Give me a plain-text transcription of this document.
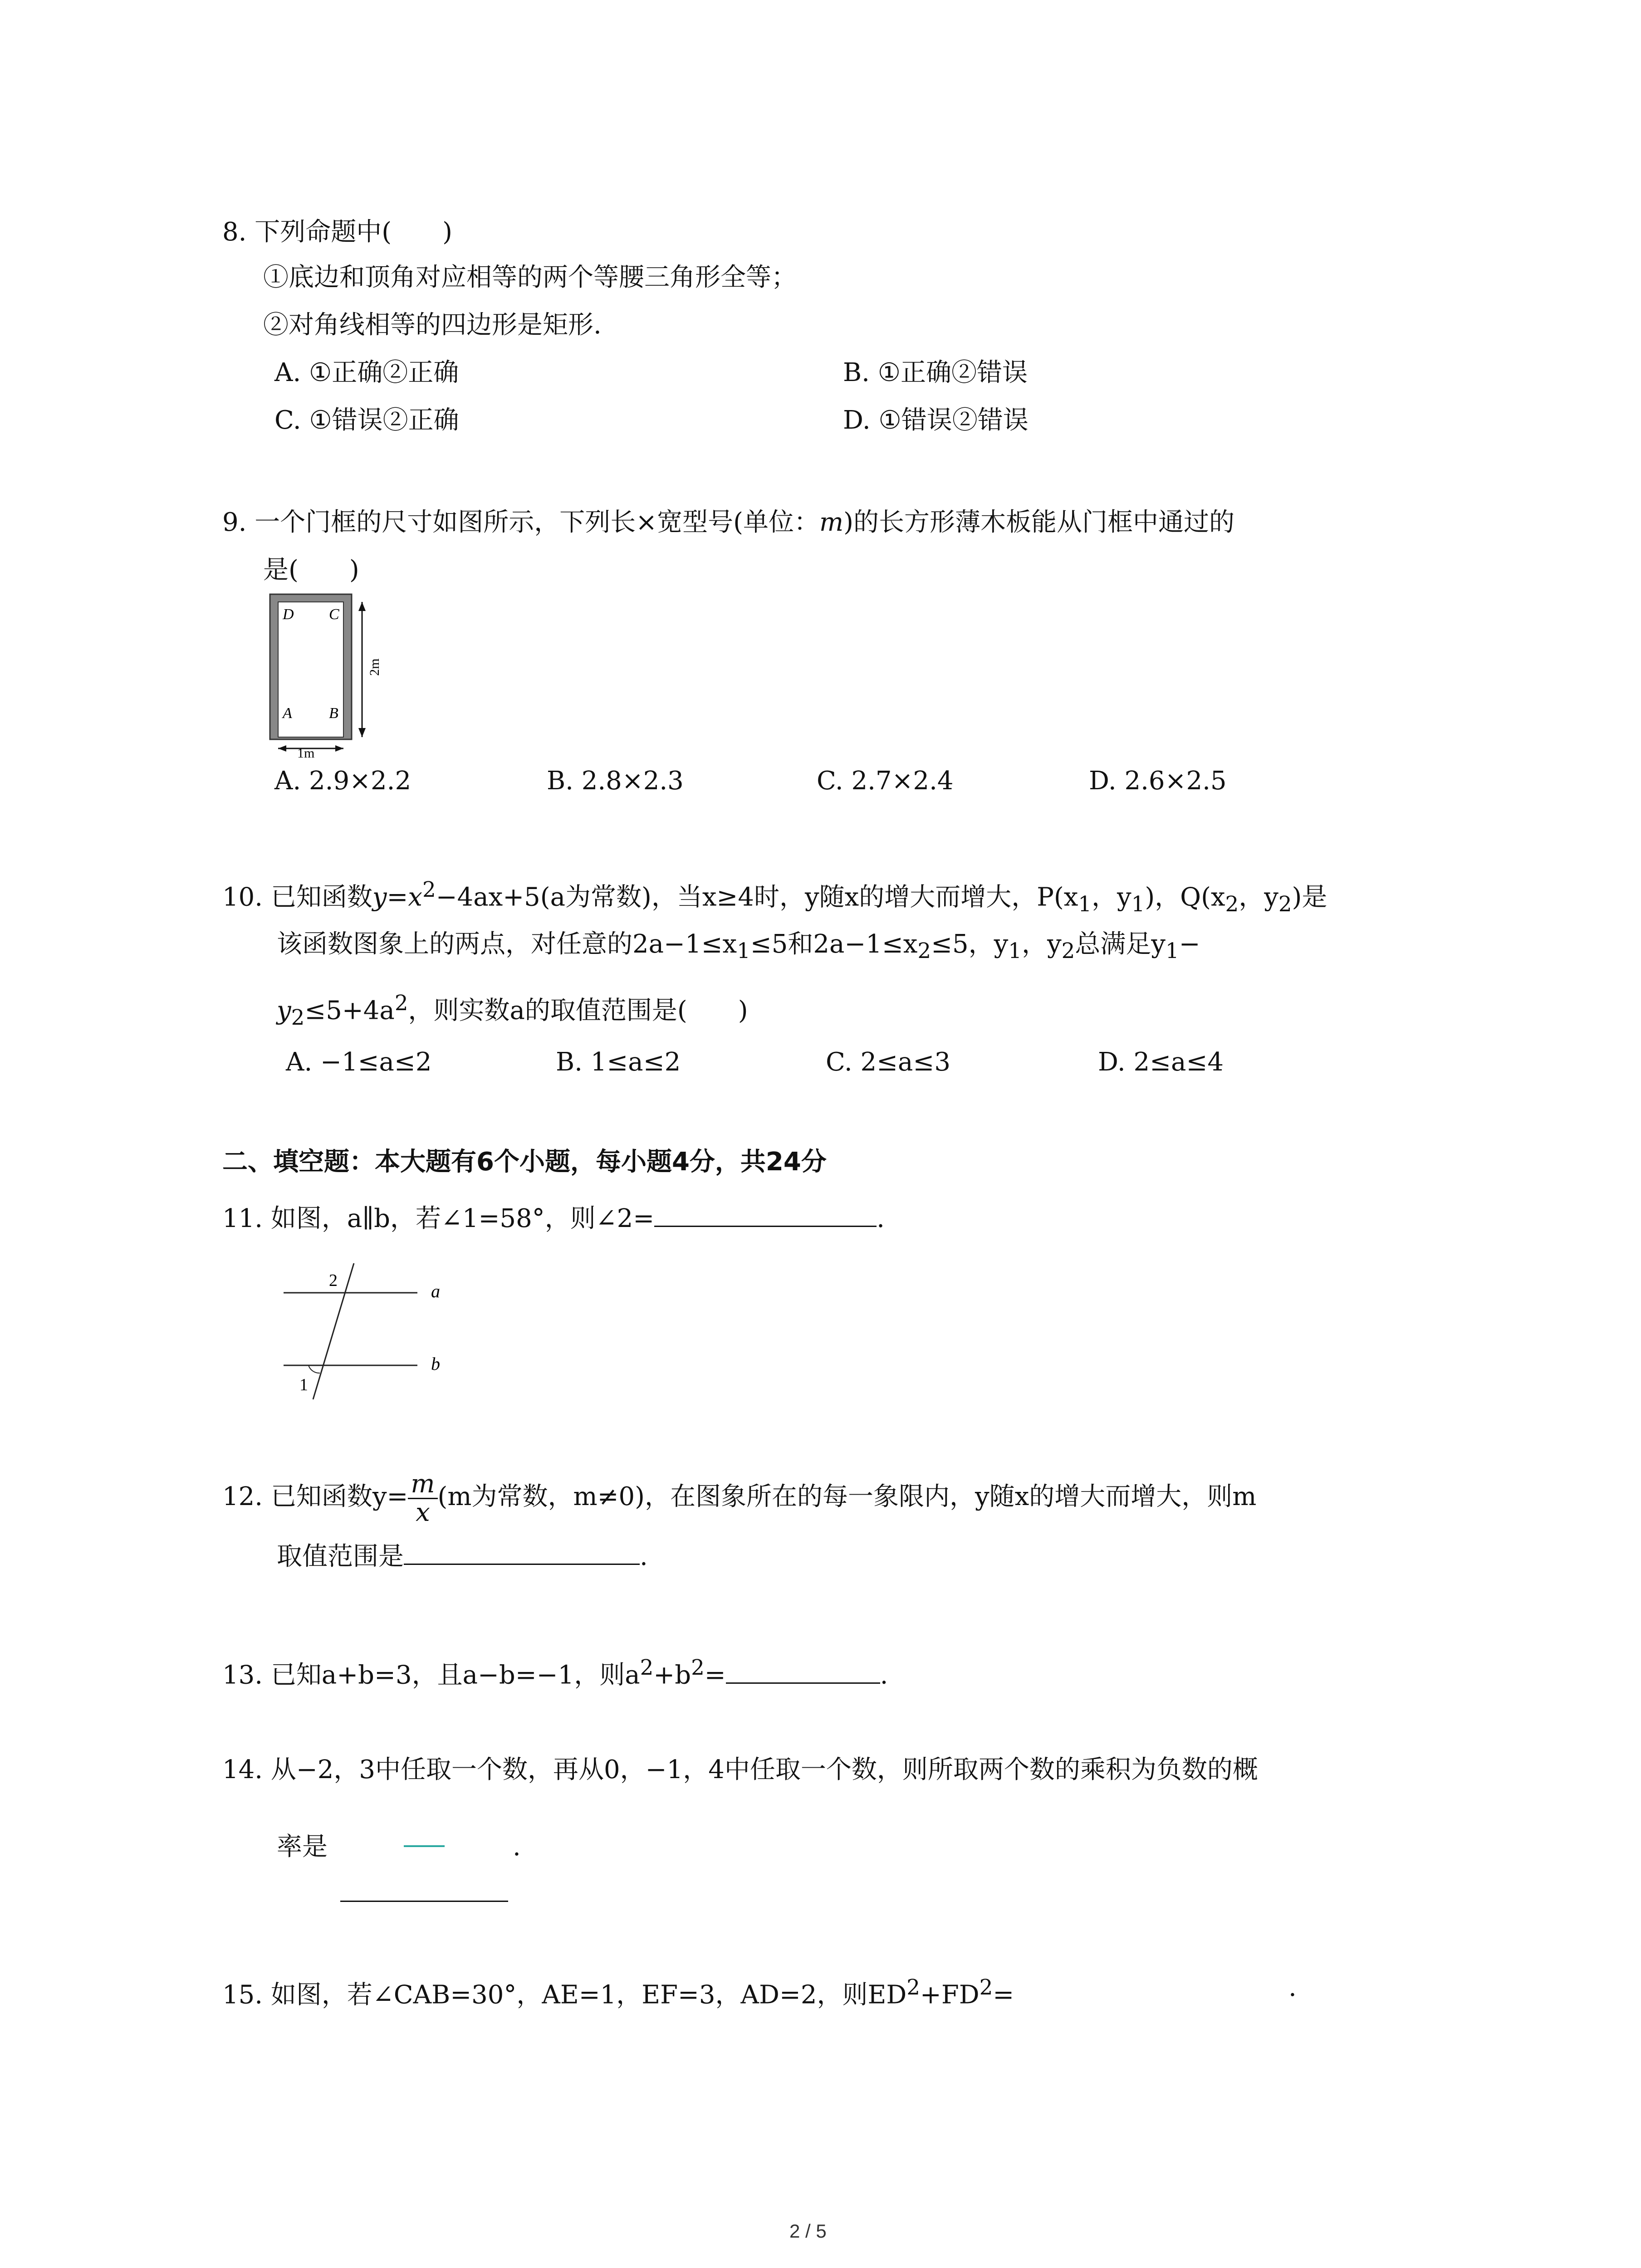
8. 下列命题中(　　)
①底边和顶角对应相等的两个等腰三角形全等；
②对角线相等的四边形是矩形.
A. ①正确②正确	B. ①正确②错误
C. ①错误②正确	D. ①错误②错误
9. 一个门框的尺寸如图所示，下列长×宽型号(单位：m)的长方形薄木板能从门框中通过的
是(　　)
D C
A B
2m
1m
A. 2.9×2.2	B. 2.8×2.3	C. 2.7×2.4	D. 2.6×2.5
10. 已知函数$y=x^2-4ax+5(a$为常数)，当x≥4时，y随x的增大而增大，$P(x_1$，$y_1$)，$Q(x_2$，$y_2$)是
该函数图象上的两点，对任意的$2a-1\le x_1\le 5$和$2a-1\le x_2\le 5$，$y_1$，$y_2$总满足$y_1-$
$y_2\le 5+4a^2$，则实数a的取值范围是(　　)
A. −1≤a≤2	B. 1≤a≤2	C. 2≤a≤3	D. 2≤a≤4
二、填空题：本大题有6个小题，每小题4分，共24分
11. 如图，a∥b，若∠1=58°，则∠2=	.
2
1
a
b
12. 已知函数$y= \frac{m}{x} (m$为常数，m≠0)，在图象所在的每一象限内，y随x的增大而增大，则m
取值范围是	.
13. 已知a+b=3，且a−b=−1，则$a^2+b^2=$	.
14. 从−2，3中任取一个数，再从0，−1，4中任取一个数，则所取两个数的乘积为负数的概
率是	.
15. 如图，若∠CAB=30°，AE=1，EF=3，AD=2，则$ED^2+FD^2=$	.
2 / 5
